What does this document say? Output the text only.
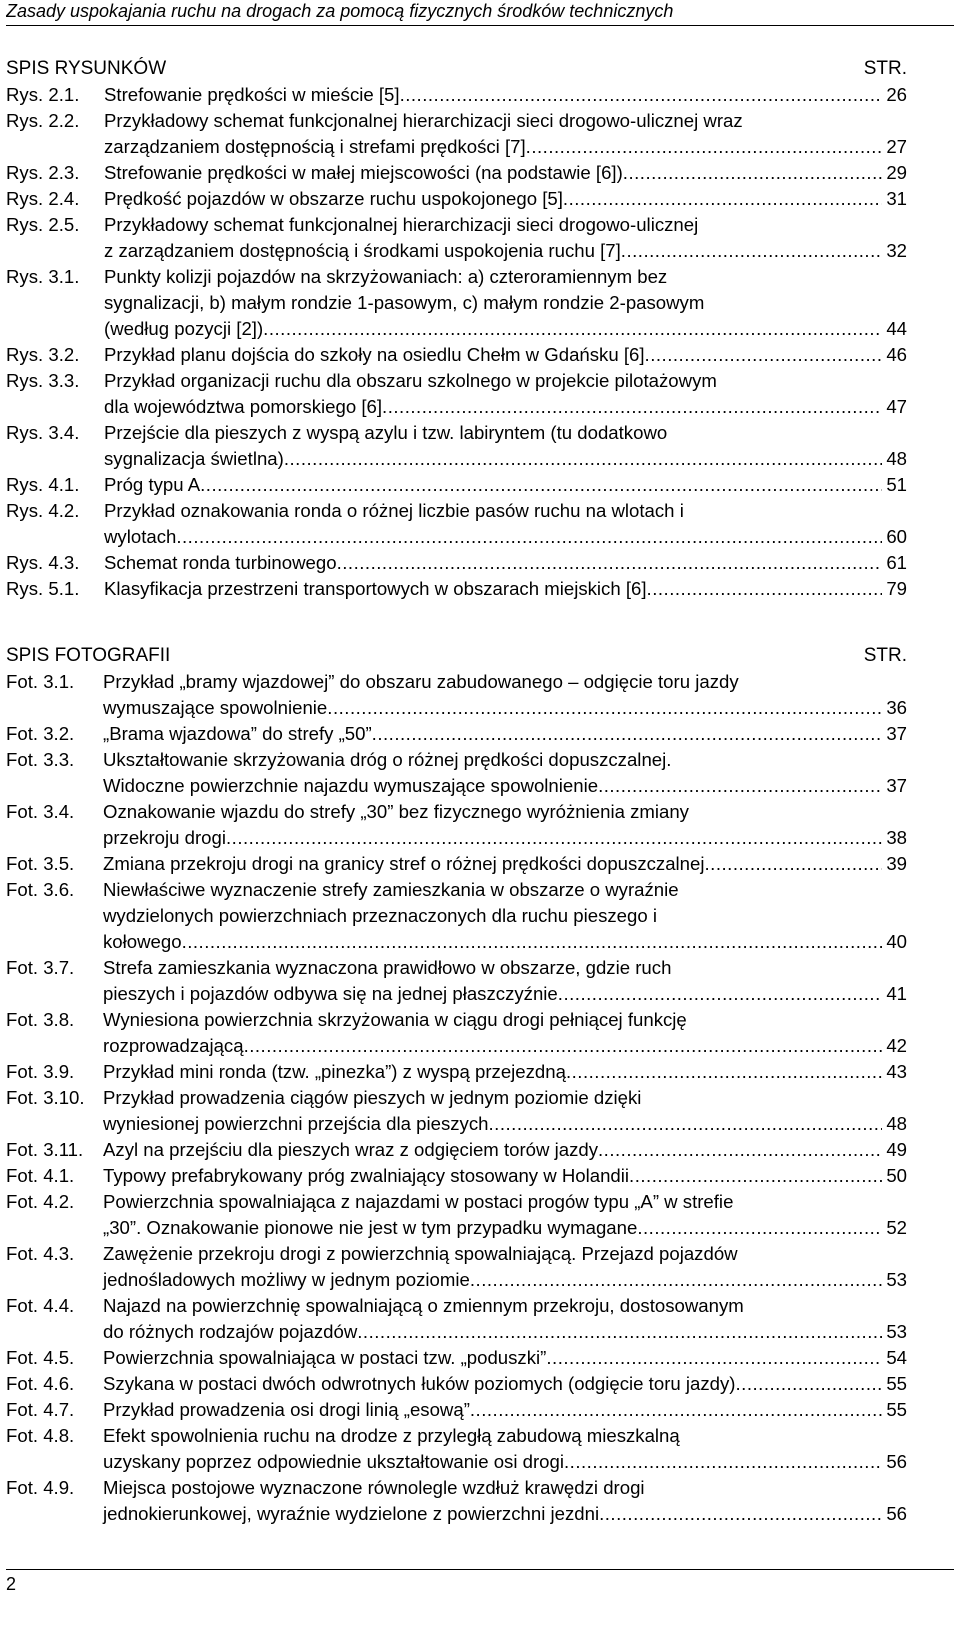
Zasady uspokajania ruchu na drogach za pomocą fizycznych środków technicznych
SPIS RYSUNKÓW	STR.
Rys. 2.1.	Strefowanie prędkości w mieście [5] .....	26
Rys. 2.2.	Przykładowy schemat funkcjonalnej hierarchizacji sieci drogowo-ulicznej wraz
zarządzaniem dostępnością i strefami prędkości [7] .....	27
Rys. 2.3.	Strefowanie prędkości w małej miejscowości (na podstawie [6]) .....	29
Rys. 2.4.	Prędkość pojazdów w obszarze ruchu uspokojonego [5] .....	31
Rys. 2.5.	Przykładowy schemat funkcjonalnej hierarchizacji sieci drogowo-ulicznej
z zarządzaniem dostępnością i środkami uspokojenia ruchu [7] .....	32
Rys. 3.1.	Punkty kolizji pojazdów na skrzyżowaniach: a) czteroramiennym bez
sygnalizacji, b) małym rondzie 1-pasowym, c) małym rondzie 2-pasowym
(według pozycji [2]) .....	44
Rys. 3.2.	Przykład planu dojścia do szkoły na osiedlu Chełm w Gdańsku [6] .....	46
Rys. 3.3.	Przykład organizacji ruchu dla obszaru szkolnego w projekcie pilotażowym
dla województwa pomorskiego [6] .....	47
Rys. 3.4.	Przejście dla pieszych z wyspą azylu i tzw. labiryntem (tu dodatkowo
sygnalizacja świetlna) .....	48
Rys. 4.1.	Próg typu A .....	51
Rys. 4.2.	Przykład oznakowania ronda o różnej liczbie pasów ruchu na wlotach i
wylotach .....	60
Rys. 4.3.	Schemat ronda turbinowego .....	61
Rys. 5.1.	Klasyfikacja przestrzeni transportowych w obszarach miejskich [6] .....	79
SPIS FOTOGRAFII	STR.
Fot. 3.1.	Przykład „bramy wjazdowej” do obszaru zabudowanego – odgięcie toru jazdy
wymuszające spowolnienie .....	36
Fot. 3.2.	„Brama wjazdowa” do strefy „50” .....	37
Fot. 3.3.	Ukształtowanie skrzyżowania dróg o różnej prędkości dopuszczalnej.
Widoczne powierzchnie najazdu wymuszające spowolnienie .....	37
Fot. 3.4.	Oznakowanie wjazdu do strefy „30” bez fizycznego wyróżnienia zmiany
przekroju drogi .....	38
Fot. 3.5.	Zmiana przekroju drogi na granicy stref o różnej prędkości dopuszczalnej .....	39
Fot. 3.6.	Niewłaściwe wyznaczenie strefy zamieszkania w obszarze o wyraźnie
wydzielonych powierzchniach przeznaczonych dla ruchu pieszego i
kołowego .....	40
Fot. 3.7.	Strefa zamieszkania wyznaczona prawidłowo w obszarze, gdzie ruch
pieszych i pojazdów odbywa się na jednej płaszczyźnie .....	41
Fot. 3.8.	Wyniesiona powierzchnia skrzyżowania w ciągu drogi pełniącej funkcję
rozprowadzającą .....	42
Fot. 3.9.	Przykład mini ronda (tzw. „pinezka”) z wyspą przejezdną .....	43
Fot. 3.10. Przykład prowadzenia ciągów pieszych w jednym poziomie dzięki
wyniesionej powierzchni przejścia dla pieszych .....	48
Fot. 3.11.	Azyl na przejściu dla pieszych wraz z odgięciem torów jazdy .....	49
Fot. 4.1.	Typowy prefabrykowany próg zwalniający stosowany w Holandii .....	50
Fot. 4.2.	Powierzchnia spowalniająca z najazdami w postaci progów typu „A” w strefie
„30”. Oznakowanie pionowe nie jest w tym przypadku wymagane .....	52
Fot. 4.3.	Zawężenie przekroju drogi z powierzchnią spowalniającą. Przejazd pojazdów
jednośladowych możliwy w jednym poziomie .....	53
Fot. 4.4.	Najazd na powierzchnię spowalniającą o zmiennym przekroju, dostosowanym
do różnych rodzajów pojazdów .....	53
Fot. 4.5.	Powierzchnia spowalniająca w postaci tzw. „poduszki” .....	54
Fot. 4.6.	Szykana w postaci dwóch odwrotnych łuków poziomych (odgięcie toru jazdy) .....	55
Fot. 4.7.	Przykład prowadzenia osi drogi linią „esową” .....	55
Fot. 4.8.	Efekt spowolnienia ruchu na drodze z przyległą zabudową mieszkalną
uzyskany poprzez odpowiednie ukształtowanie osi drogi .....	56
Fot. 4.9.	Miejsca postojowe wyznaczone równolegle wzdłuż krawędzi drogi
jednokierunkowej, wyraźnie wydzielone z powierzchni jezdni .....	56
2
